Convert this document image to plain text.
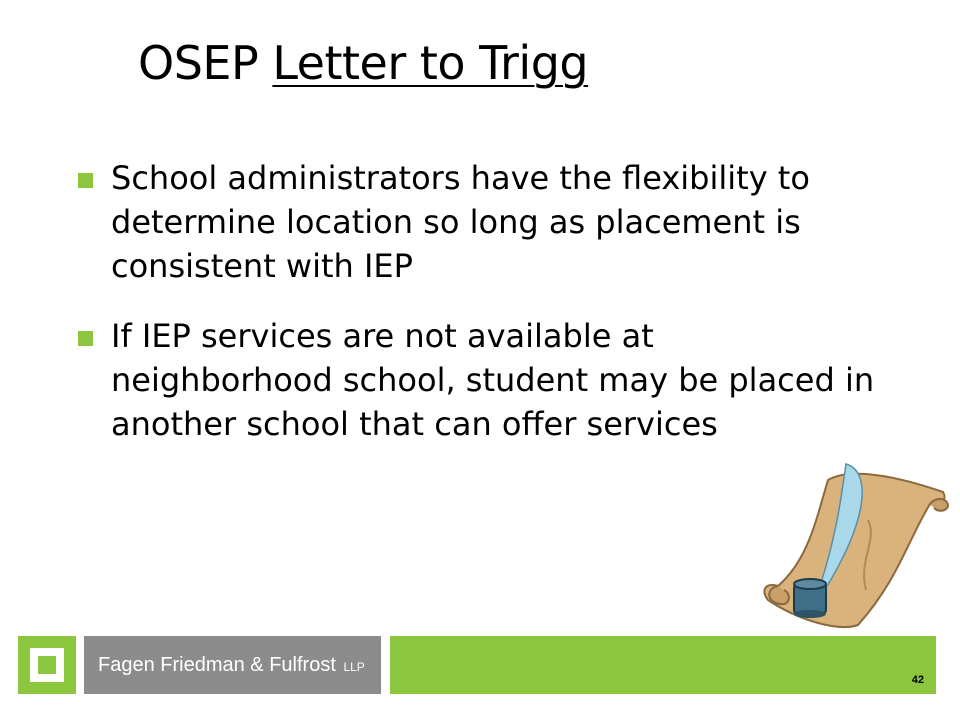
OSEP Letter to Trigg
School administrators have the flexibility to determine location so long as placement is consistent with IEP
If IEP services are not available at neighborhood school, student may be placed in another school that can offer services
Fagen Friedman & Fulfrost LLP
42
